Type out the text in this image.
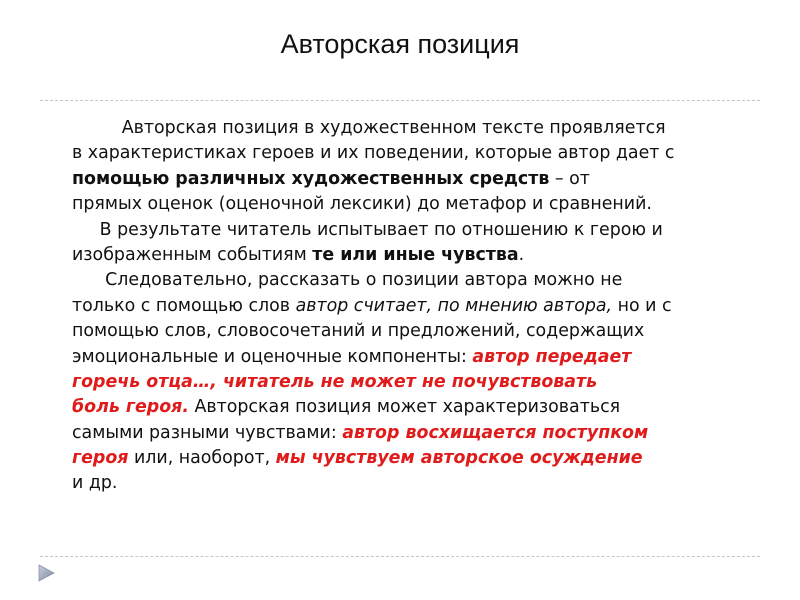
Авторская позиция
Авторская позиция в художественном тексте проявляется
в характеристиках героев и их поведении, которые автор дает с
помощью различных художественных средств – от
прямых оценок (оценочной лексики) до метафор и сравнений.
В результате читатель испытывает по отношению к герою и
изображенным событиям те или иные чувства.
Следовательно, рассказать о позиции автора можно не
только с помощью слов автор считает, по мнению автора, но и с
помощью слов, словосочетаний и предложений, содержащих
эмоциональные и оценочные компоненты: автор передает
горечь отца…, читатель не может не почувствовать
боль героя. Авторская позиция может характеризоваться
самыми разными чувствами: автор восхищается поступком
героя или, наоборот, мы чувствуем авторское осуждение
и др.
